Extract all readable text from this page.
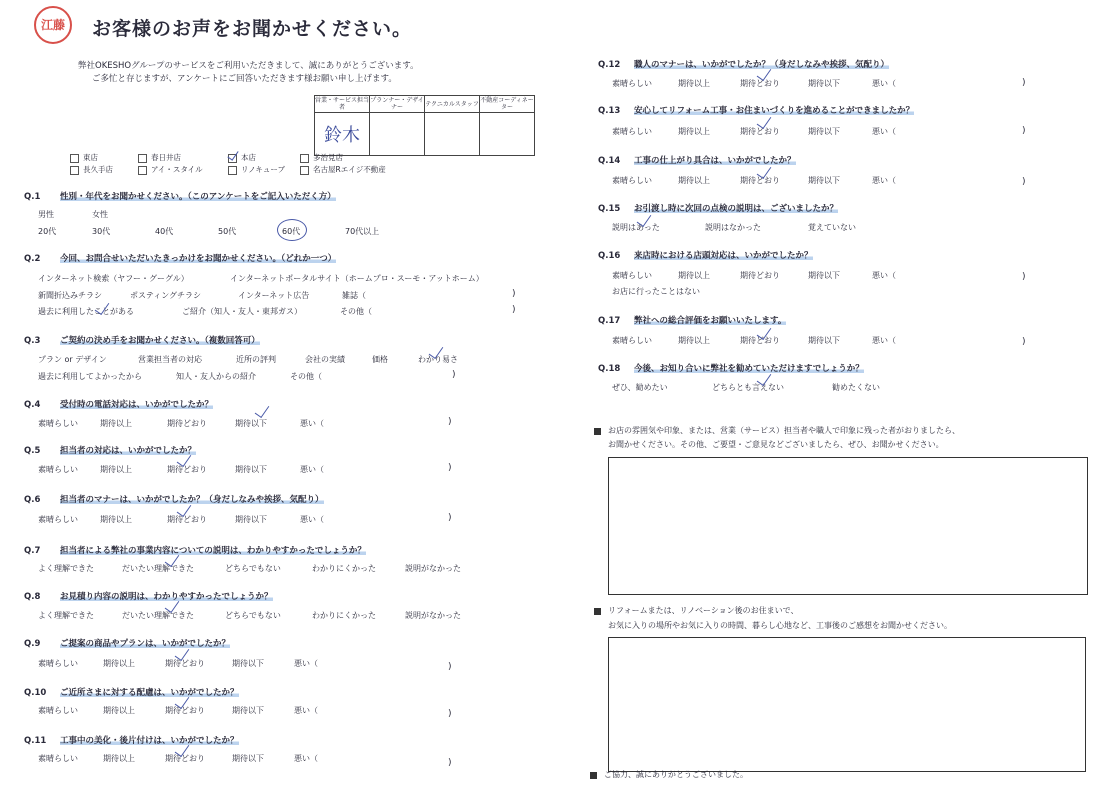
江藤 お客様のお声をお聞かせください。
弊社OKESHOグループのサービスをご利用いただきまして、誠にありがとうございます。
ご多忙と存じますが、アンケートにご回答いただきます様お願い申し上げます。
営業・サービス担当者	プランナー・デザイナー	テクニカルスタッフ	不動産コーディネーター
鈴木			
東店	春日井店	本店	多治見店
長久手店	アイ・スタイル	リノキューブ	名古屋Rエイジ不動産
Q.1 性別・年代をお聞かせください。（このアンケートをご記入いただく方）
男性	女性
20代	30代	40代	50代	60代	70代以上
Q.2 今回、お問合せいただいたきっかけをお聞かせください。（どれか一つ）
インターネット検索（ヤフー・グーグル）	インターネットポータルサイト（ホームプロ・スーモ・アットホーム）
新聞折込みチラシ	ポスティングチラシ	インターネット広告	雑誌（	)
過去に利用したことがある	ご紹介（知人・友人・東邦ガス）	その他（	)
Q.3 ご契約の決め手をお聞かせください。（複数回答可）
プラン or デザイン	営業担当者の対応	近所の評判	会社の実績	価格	わかり易さ
過去に利用してよかったから	知人・友人からの紹介	その他（	)
Q.4 受付時の電話対応は、いかがでしたか？
素晴らしい	期待以上	期待どおり	期待以下	悪い（	)
Q.5 担当者の対応は、いかがでしたか？
素晴らしい	期待以上	期待どおり	期待以下	悪い（	)
Q.6 担当者のマナーは、いかがでしたか？（身だしなみや挨拶、気配り）
素晴らしい	期待以上	期待どおり	期待以下	悪い（	)
Q.7 担当者による弊社の事業内容についての説明は、わかりやすかったでしょうか？
よく理解できた	だいたい理解できた	どちらでもない	わかりにくかった	説明がなかった
Q.8 お見積り内容の説明は、わかりやすかったでしょうか？
よく理解できた	だいたい理解できた	どちらでもない	わかりにくかった	説明がなかった
Q.9 ご提案の商品やプランは、いかがでしたか？
素晴らしい	期待以上	期待どおり	期待以下	悪い（	)
Q.10 ご近所さまに対する配慮は、いかがでしたか？
素晴らしい	期待以上	期待どおり	期待以下	悪い（	)
Q.11 工事中の美化・後片付けは、いかがでしたか？
素晴らしい	期待以上	期待どおり	期待以下	悪い（	)
Q.12 職人のマナーは、いかがでしたか？（身だしなみや挨拶、気配り）
素晴らしい	期待以上	期待どおり	期待以下	悪い（	)
Q.13 安心してリフォーム工事・お住まいづくりを進めることができましたか？
素晴らしい	期待以上	期待どおり	期待以下	悪い（	)
Q.14 工事の仕上がり具合は、いかがでしたか？
素晴らしい	期待以上	期待どおり	期待以下	悪い（	)
Q.15 お引渡し時に次回の点検の説明は、ございましたか？
説明はあった	説明はなかった	覚えていない
Q.16 来店時における店頭対応は、いかがでしたか？
素晴らしい	期待以上	期待どおり	期待以下	悪い（	)
お店に行ったことはない
Q.17 弊社への総合評価をお願いいたします。
素晴らしい	期待以上	期待どおり	期待以下	悪い（	)
Q.18 今後、お知り合いに弊社を勧めていただけますでしょうか？
ぜひ、勧めたい	どちらとも言えない	勧めたくない
お店の雰囲気や印象、または、営業（サービス）担当者や職人で印象に残った者がおりましたら、
お聞かせください。その他、ご要望・ご意見などございましたら、ぜひ、お聞かせください。
リフォームまたは、リノベーション後のお住まいで、
お気に入りの場所やお気に入りの時間、暮らし心地など、工事後のご感想をお聞かせください。
ご協力、誠にありがとうございました。
